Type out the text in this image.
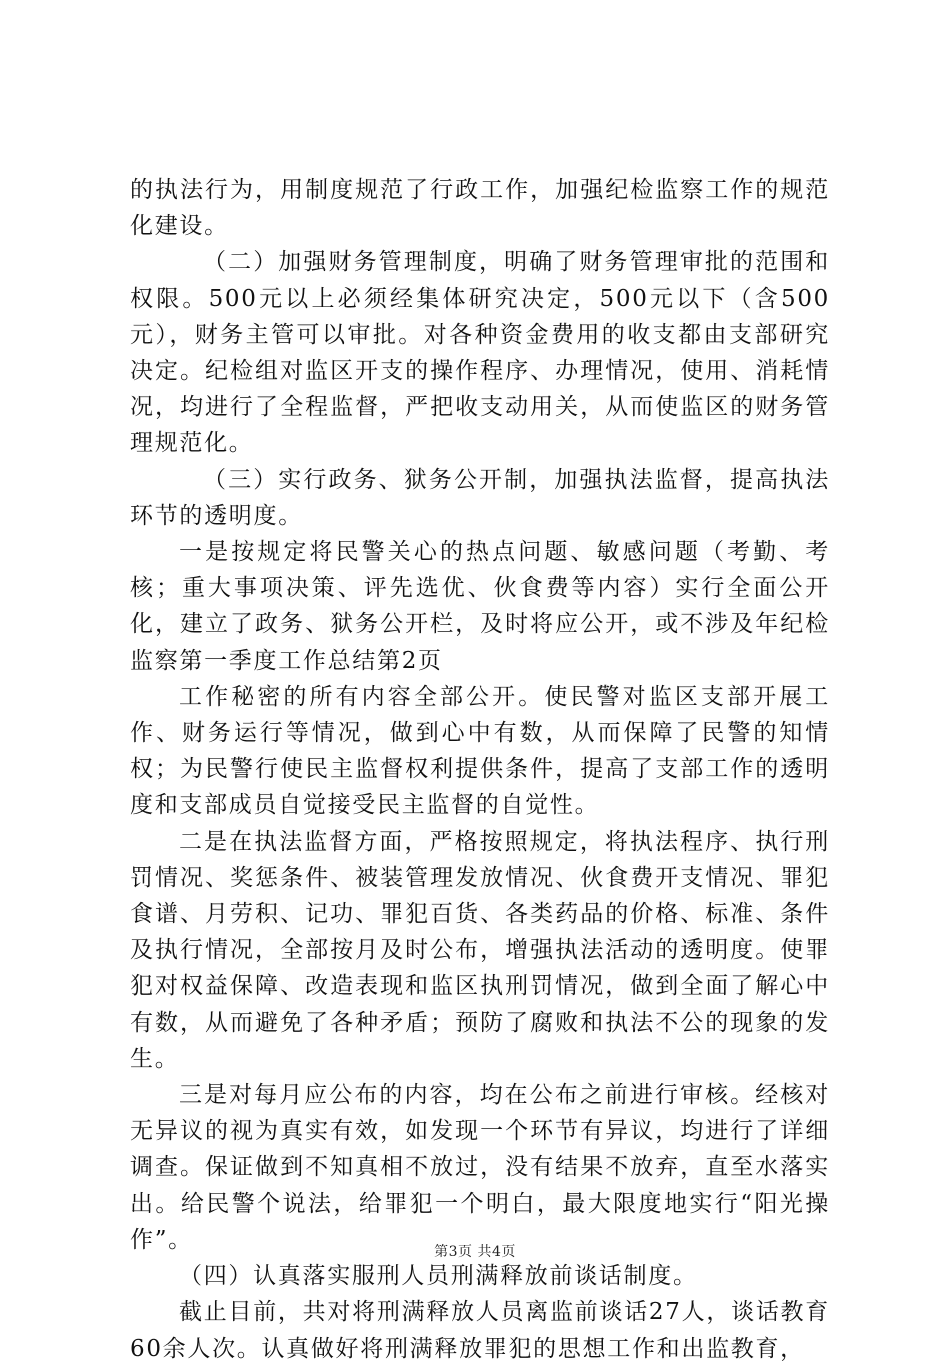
的执法行为，用制度规范了行政工作，加强纪检监察工作的规范化建设。

（二）加强财务管理制度，明确了财务管理审批的范围和权限。500元以上必须经集体研究决定，500元以下（含500元），财务主管可以审批。对各种资金费用的收支都由支部研究决定。纪检组对监区开支的操作程序、办理情况，使用、消耗情况，均进行了全程监督，严把收支动用关，从而使监区的财务管理规范化。

（三）实行政务、狱务公开制，加强执法监督，提高执法环节的透明度。

一是按规定将民警关心的热点问题、敏感问题（考勤、考核；重大事项决策、评先选优、伙食费等内容）实行全面公开化，建立了政务、狱务公开栏，及时将应公开，或不涉及年纪检监察第一季度工作总结第2页

工作秘密的所有内容全部公开。使民警对监区支部开展工作、财务运行等情况，做到心中有数，从而保障了民警的知情权；为民警行使民主监督权利提供条件，提高了支部工作的透明度和支部成员自觉接受民主监督的自觉性。

二是在执法监督方面，严格按照规定，将执法程序、执行刑罚情况、奖惩条件、被装管理发放情况、伙食费开支情况、罪犯食谱、月劳积、记功、罪犯百货、各类药品的价格、标准、条件及执行情况，全部按月及时公布，增强执法活动的透明度。使罪犯对权益保障、改造表现和监区执刑罚情况，做到全面了解心中有数，从而避免了各种矛盾；预防了腐败和执法不公的现象的发生。

三是对每月应公布的内容，均在公布之前进行审核。经核对无异议的视为真实有效，如发现一个环节有异议，均进行了详细调查。保证做到不知真相不放过，没有结果不放弃，直至水落实出。给民警个说法，给罪犯一个明白，最大限度地实行“阳光操作”。

（四）认真落实服刑人员刑满释放前谈话制度。

截止目前，共对将刑满释放人员离监前谈话27人，谈话教育60余人次。认真做好将刑满释放罪犯的思想工作和出监教育，

第3页 共4页
